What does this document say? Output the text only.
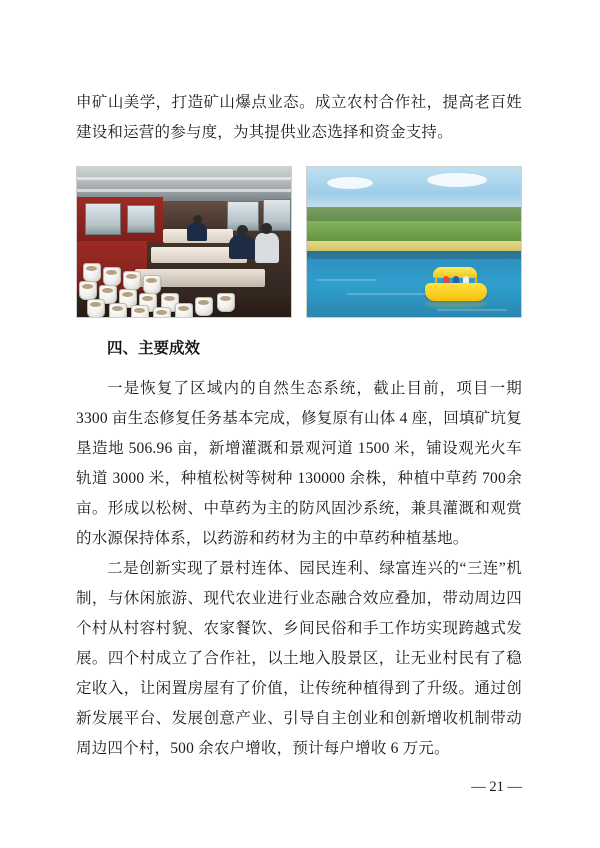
申矿山美学，打造矿山爆点业态。成立农村合作社，提高老百姓建设和运营的参与度，为其提供业态选择和资金支持。

四、主要成效

一是恢复了区域内的自然生态系统，截止目前，项目一期3300 亩生态修复任务基本完成，修复原有山体 4 座，回填矿坑复垦造地 506.96 亩，新增灌溉和景观河道 1500 米，铺设观光火车轨道 3000 米，种植松树等树种 130000 余株，种植中草药 700余亩。形成以松树、中草药为主的防风固沙系统，兼具灌溉和观赏的水源保持体系，以药游和药材为主的中草药种植基地。

二是创新实现了景村连体、园民连利、绿富连兴的“三连”机制，与休闲旅游、现代农业进行业态融合效应叠加，带动周边四个村从村容村貌、农家餐饮、乡间民俗和手工作坊实现跨越式发展。四个村成立了合作社，以土地入股景区，让无业村民有了稳定收入，让闲置房屋有了价值，让传统种植得到了升级。通过创新发展平台、发展创意产业、引导自主创业和创新增收机制带动周边四个村，500 余农户增收，预计每户增收 6 万元。

— 21 —
